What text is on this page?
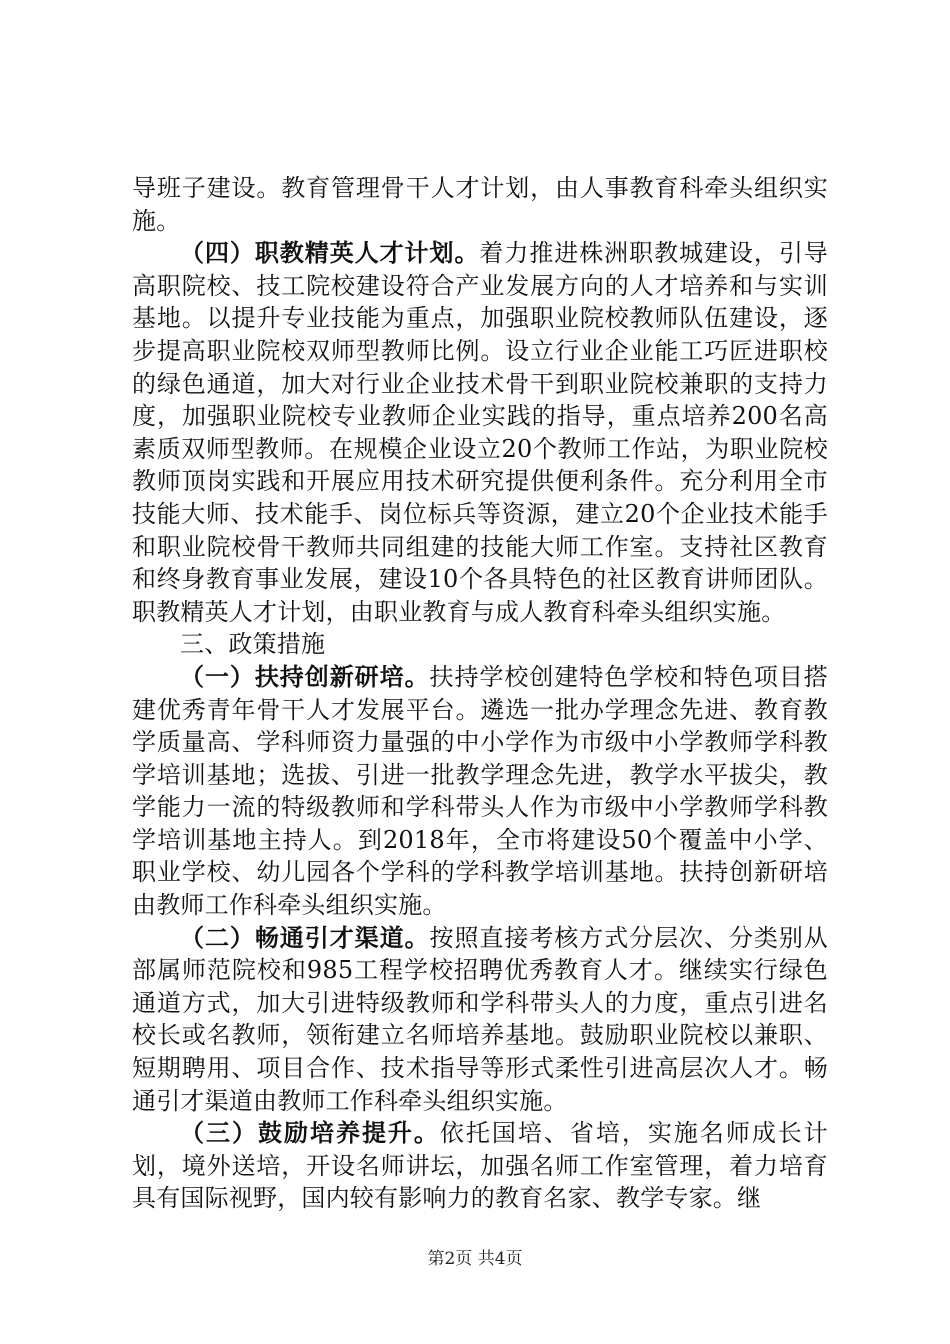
导班子建设。教育管理骨干人才计划，由人事教育科牵头组织实施。

（四）职教精英人才计划。着力推进株洲职教城建设，引导高职院校、技工院校建设符合产业发展方向的人才培养和与实训基地。以提升专业技能为重点，加强职业院校教师队伍建设，逐步提高职业院校双师型教师比例。设立行业企业能工巧匠进职校的绿色通道，加大对行业企业技术骨干到职业院校兼职的支持力度，加强职业院校专业教师企业实践的指导，重点培养200名高素质双师型教师。在规模企业设立20个教师工作站，为职业院校教师顶岗实践和开展应用技术研究提供便利条件。充分利用全市技能大师、技术能手、岗位标兵等资源，建立20个企业技术能手和职业院校骨干教师共同组建的技能大师工作室。支持社区教育和终身教育事业发展，建设10个各具特色的社区教育讲师团队。职教精英人才计划，由职业教育与成人教育科牵头组织实施。

三、政策措施

（一）扶持创新研培。扶持学校创建特色学校和特色项目搭建优秀青年骨干人才发展平台。遴选一批办学理念先进、教育教学质量高、学科师资力量强的中小学作为市级中小学教师学科教学培训基地；选拔、引进一批教学理念先进，教学水平拔尖，教学能力一流的特级教师和学科带头人作为市级中小学教师学科教学培训基地主持人。到2018年，全市将建设50个覆盖中小学、职业学校、幼儿园各个学科的学科教学培训基地。扶持创新研培由教师工作科牵头组织实施。

（二）畅通引才渠道。按照直接考核方式分层次、分类别从部属师范院校和985工程学校招聘优秀教育人才。继续实行绿色通道方式，加大引进特级教师和学科带头人的力度，重点引进名校长或名教师，领衔建立名师培养基地。鼓励职业院校以兼职、短期聘用、项目合作、技术指导等形式柔性引进高层次人才。畅通引才渠道由教师工作科牵头组织实施。

（三）鼓励培养提升。依托国培、省培，实施名师成长计划，境外送培，开设名师讲坛，加强名师工作室管理，着力培育具有国际视野，国内较有影响力的教育名家、教学专家。继

第2页 共4页
